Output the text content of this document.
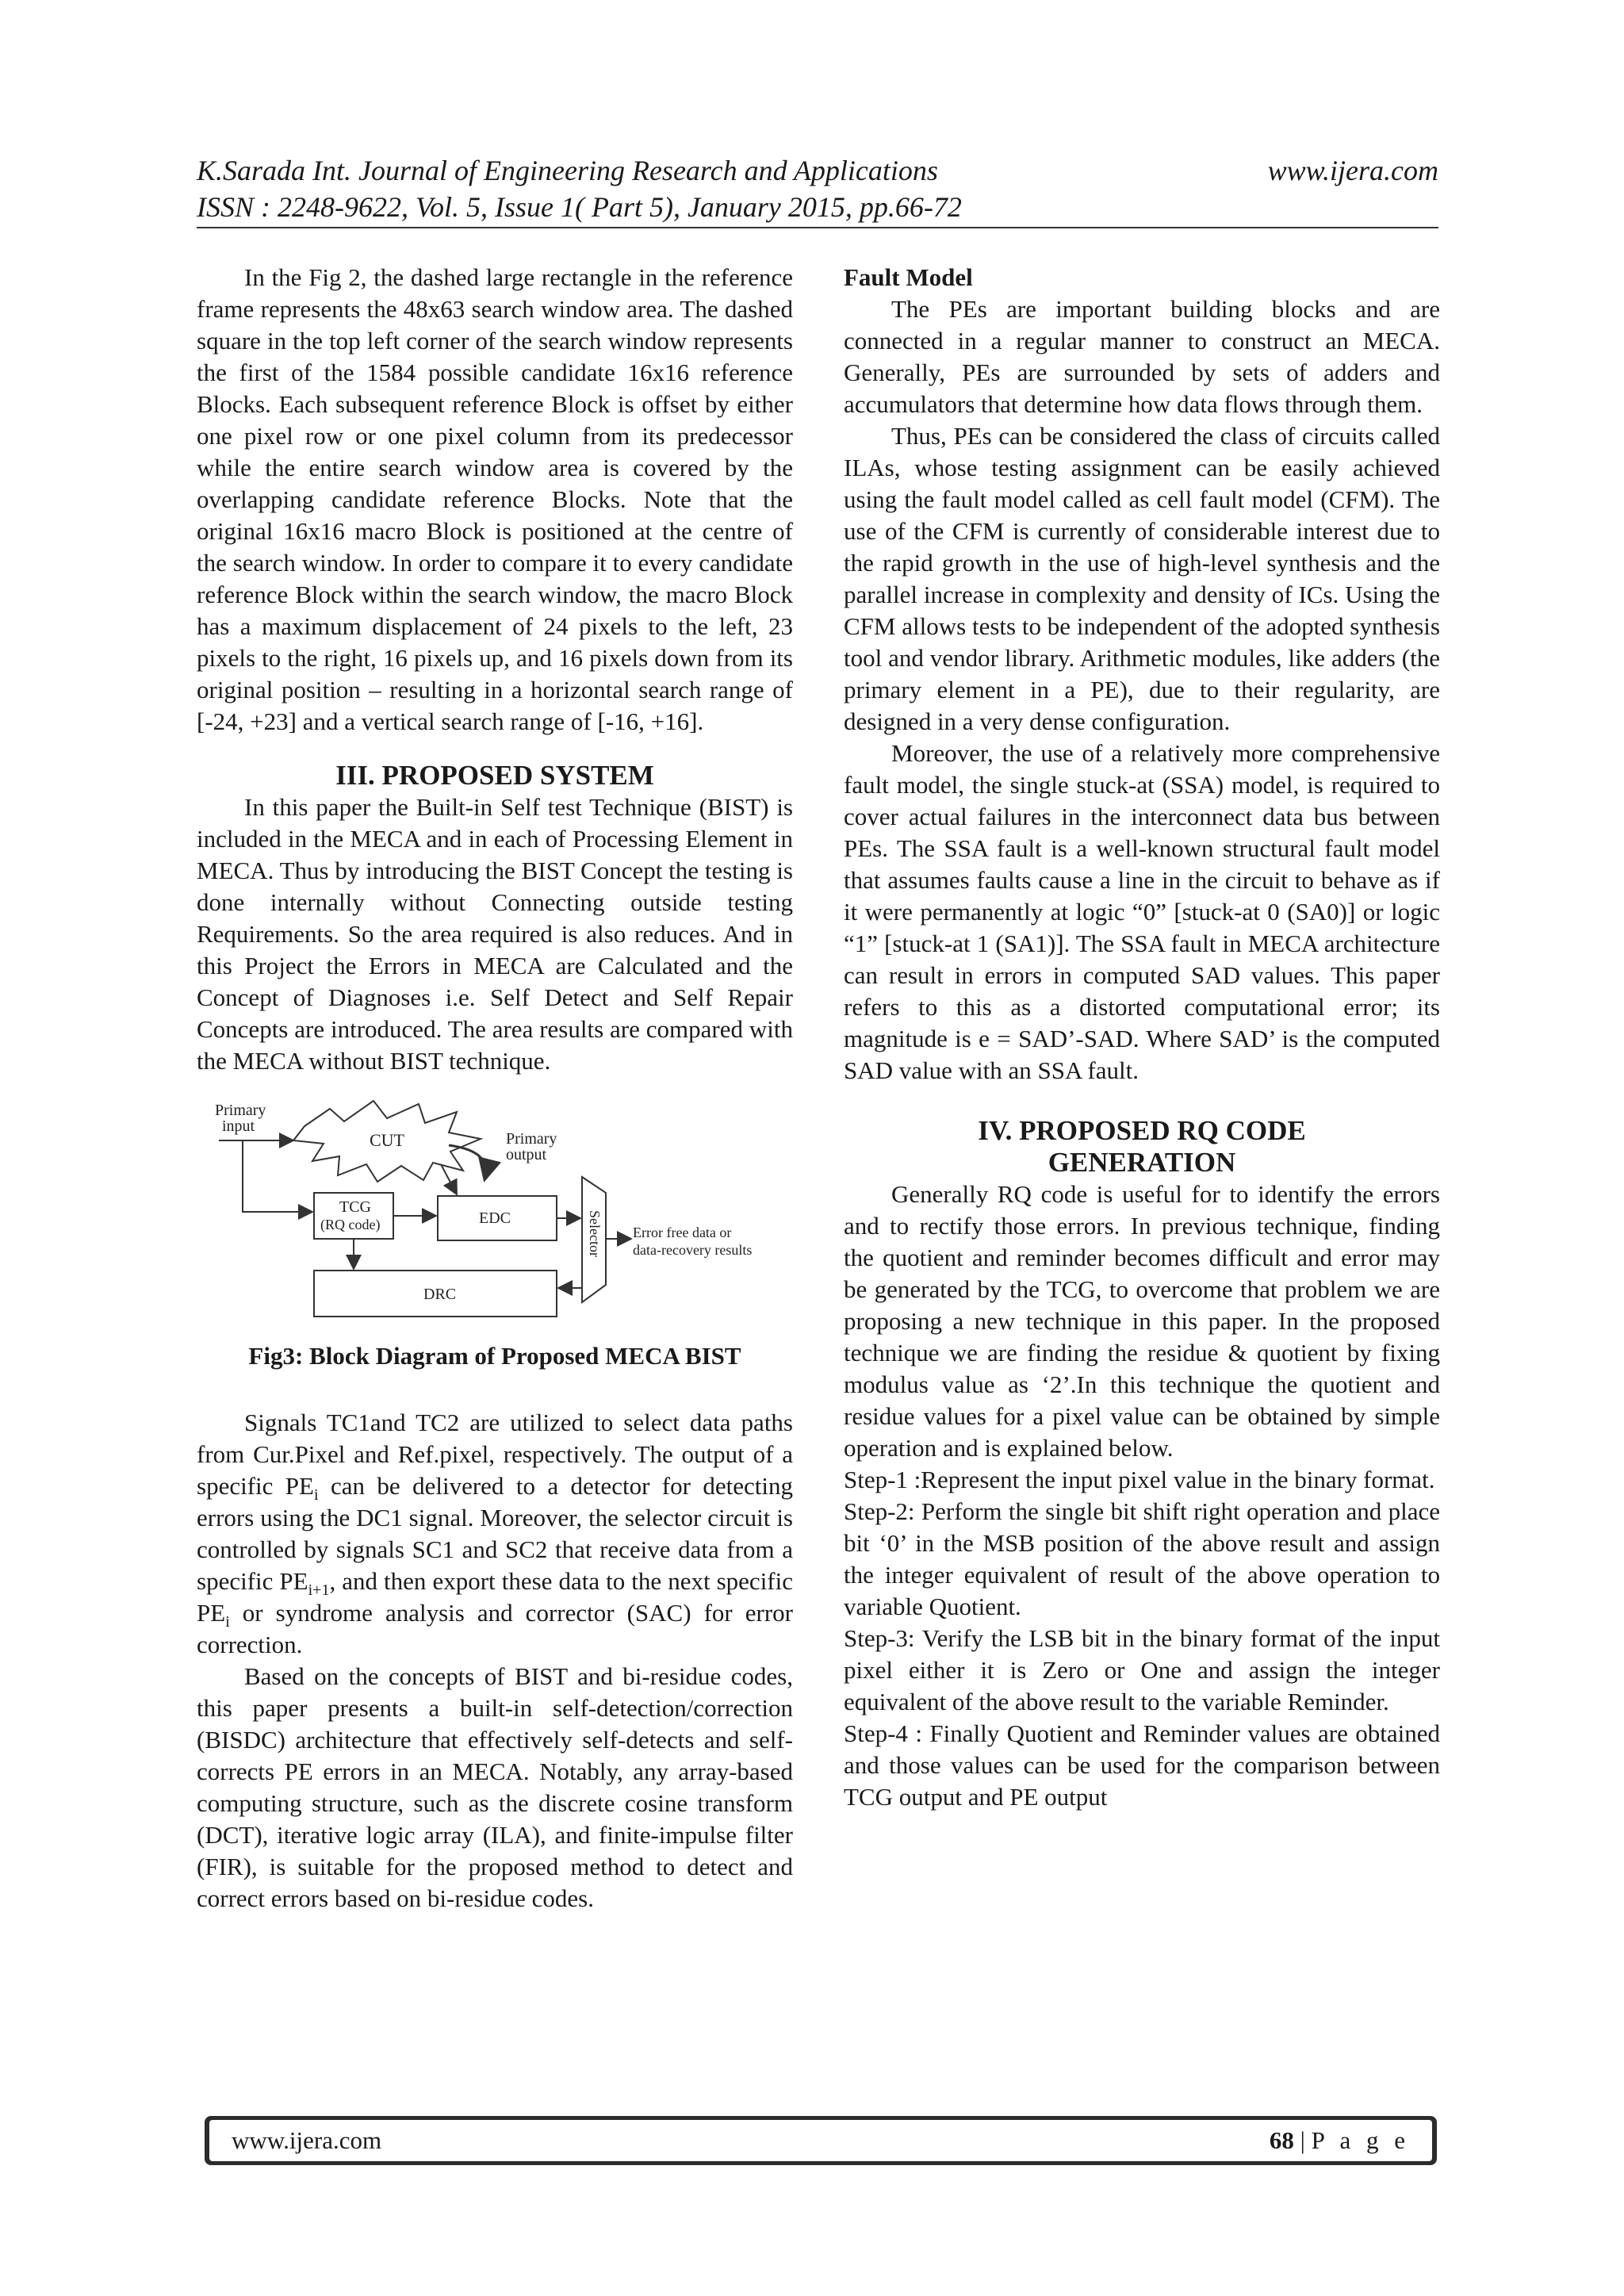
K.Sarada Int. Journal of Engineering Research and Applications	www.ijera.com
ISSN : 2248-9622, Vol. 5, Issue 1( Part 5), January 2015, pp.66-72

In the Fig 2, the dashed large rectangle in the reference frame represents the 48x63 search window area. The dashed square in the top left corner of the search window represents the first of the 1584 possible candidate 16x16 reference Blocks. Each subsequent reference Block is offset by either one pixel row or one pixel column from its predecessor while the entire search window area is covered by the overlapping candidate reference Blocks. Note that the original 16x16 macro Block is positioned at the centre of the search window. In order to compare it to every candidate reference Block within the search window, the macro Block has a maximum displacement of 24 pixels to the left, 23 pixels to the right, 16 pixels up, and 16 pixels down from its original position – resulting in a horizontal search range of [-24, +23] and a vertical search range of [-16, +16].

III. PROPOSED SYSTEM

In this paper the Built-in Self test Technique (BIST) is included in the MECA and in each of Processing Element in MECA. Thus by introducing the BIST Concept the testing is done internally without Connecting outside testing Requirements. So the area required is also reduces. And in this Project the Errors in MECA are Calculated and the Concept of Diagnoses i.e. Self Detect and Self Repair Concepts are introduced. The area results are compared with the MECA without BIST technique.

Primary
input
CUT	Primary
output
TCG
(RQ code)	EDC	Selector Error free data or
data-recovery results
DRC
Fig3: Block Diagram of Proposed MECA BIST

Signals TC1and TC2 are utilized to select data paths from Cur.Pixel and Ref.pixel, respectively. The output of a specific $PE_i$ can be delivered to a detector for detecting errors using the DC1 signal. Moreover, the selector circuit is controlled by signals SC1 and SC2 that receive data from a specific $PE_{i+1}$, and then export these data to the next specific $PE_i$ or syndrome analysis and corrector (SAC) for error correction.

Based on the concepts of BIST and bi-residue codes, this paper presents a built-in self-detection/correction (BISDC) architecture that effectively self-detects and self-corrects PE errors in an MECA. Notably, any array-based computing structure, such as the discrete cosine transform (DCT), iterative logic array (ILA), and finite-impulse filter (FIR), is suitable for the proposed method to detect and correct errors based on bi-residue codes.

Fault Model

The PEs are important building blocks and are connected in a regular manner to construct an MECA. Generally, PEs are surrounded by sets of adders and accumulators that determine how data flows through them.

Thus, PEs can be considered the class of circuits called ILAs, whose testing assignment can be easily achieved using the fault model called as cell fault model (CFM). The use of the CFM is currently of considerable interest due to the rapid growth in the use of high-level synthesis and the parallel increase in complexity and density of ICs. Using the CFM allows tests to be independent of the adopted synthesis tool and vendor library. Arithmetic modules, like adders (the primary element in a PE), due to their regularity, are designed in a very dense configuration.

Moreover, the use of a relatively more comprehensive fault model, the single stuck-at (SSA) model, is required to cover actual failures in the interconnect data bus between PEs. The SSA fault is a well-known structural fault model that assumes faults cause a line in the circuit to behave as if it were permanently at logic “0” [stuck-at 0 (SA0)] or logic “1” [stuck-at 1 (SA1)]. The SSA fault in MECA architecture can result in errors in computed SAD values. This paper refers to this as a distorted computational error; its magnitude is e = SAD’-SAD. Where SAD’ is the computed SAD value with an SSA fault.

IV. PROPOSED RQ CODE
GENERATION

Generally RQ code is useful for to identify the errors and to rectify those errors. In previous technique, finding the quotient and reminder becomes difficult and error may be generated by the TCG, to overcome that problem we are proposing a new technique in this paper. In the proposed technique we are finding the residue & quotient by fixing modulus value as ‘2’.In this technique the quotient and residue values for a pixel value can be obtained by simple operation and is explained below.

Step-1 :Represent the input pixel value in the binary format.

Step-2: Perform the single bit shift right operation and place bit ‘0’ in the MSB position of the above result and assign the integer equivalent of result of the above operation to variable Quotient.

Step-3: Verify the LSB bit in the binary format of the input pixel either it is Zero or One and assign the integer equivalent of the above result to the variable Reminder.

Step-4 : Finally Quotient and Reminder values are obtained and those values can be used for the comparison between TCG output and PE output

www.ijera.com	68 | P a g e
